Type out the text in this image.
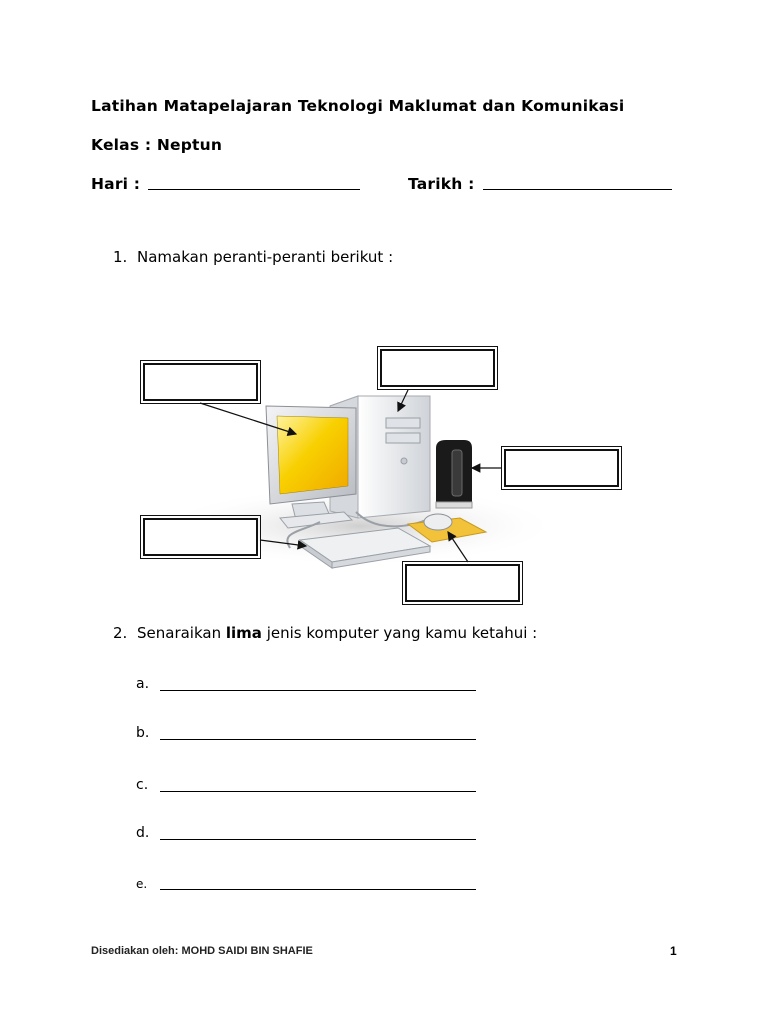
Latihan Matapelajaran Teknologi Maklumat dan Komunikasi
Kelas : Neptun
Hari :	Tarikh :
1. Namakan peranti-peranti berikut :
2. Senaraikan lima jenis komputer yang kamu ketahui :
a.
b.
c.
d.
e.
Disediakan oleh: MOHD SAIDI BIN SHAFIE	1
